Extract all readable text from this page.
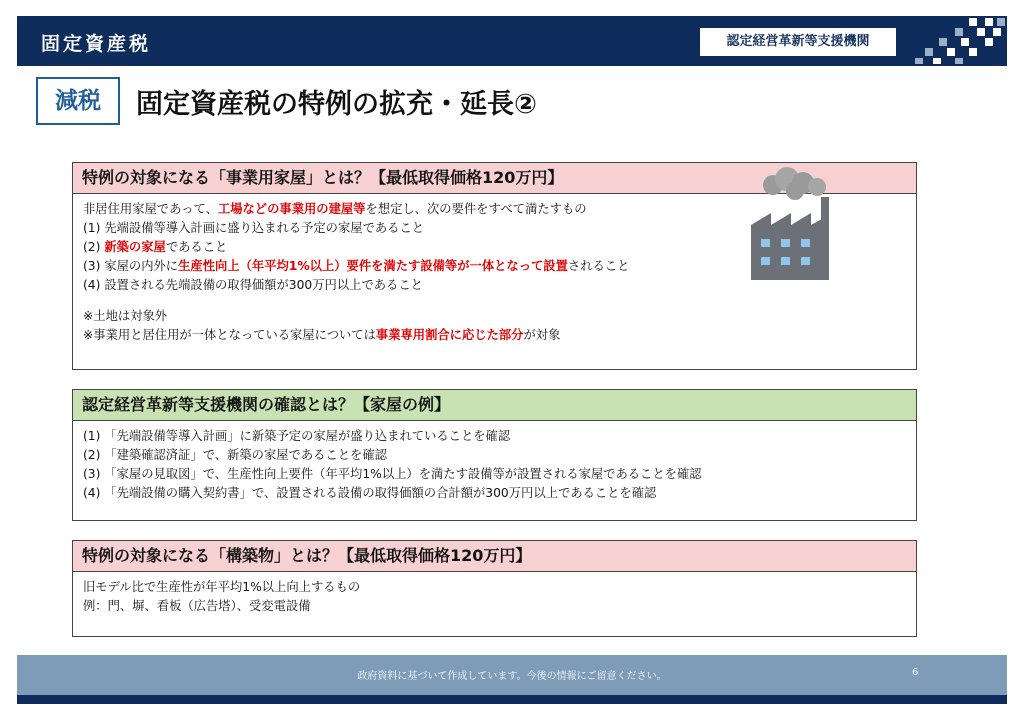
固定資産税	認定経営革新等支援機関
減税	固定資産税の特例の拡充・延長②
特例の対象になる「事業用家屋」とは？【最低取得価格120万円】
非居住用家屋であって、工場などの事業用の建屋等を想定し、次の要件をすべて満たすもの
(1) 先端設備等導入計画に盛り込まれる予定の家屋であること
(2) 新築の家屋であること
(3) 家屋の内外に生産性向上（年平均1%以上）要件を満たす設備等が一体となって設置されること
(4) 設置される先端設備の取得価額が300万円以上であること
※土地は対象外
※事業用と居住用が一体となっている家屋については事業専用割合に応じた部分が対象
認定経営革新等支援機関の確認とは？【家屋の例】
(1) 「先端設備等導入計画」に新築予定の家屋が盛り込まれていることを確認
(2) 「建築確認済証」で、新築の家屋であることを確認
(3) 「家屋の見取図」で、生産性向上要件（年平均1%以上）を満たす設備等が設置される家屋であることを確認
(4) 「先端設備の購入契約書」で、設置される設備の取得価額の合計額が300万円以上であることを確認
特例の対象になる「構築物」とは？【最低取得価格120万円】
旧モデル比で生産性が年平均1%以上向上するもの
例：門、塀、看板（広告塔）、受変電設備
政府資料に基づいて作成しています。今後の情報にご留意ください。	6
